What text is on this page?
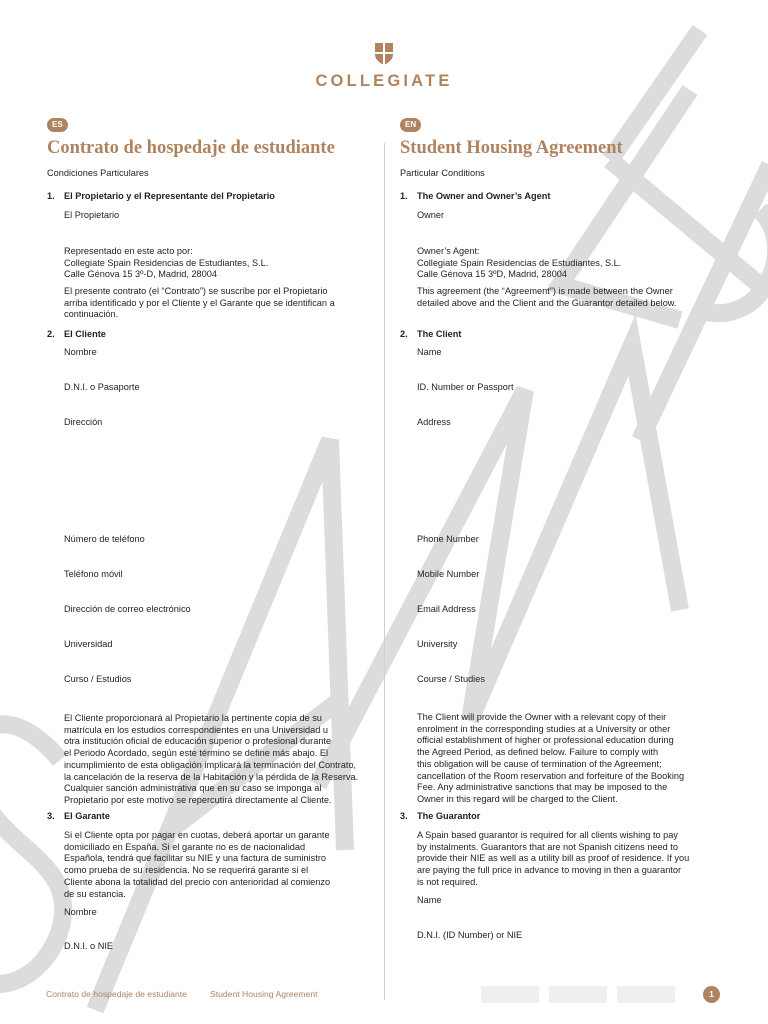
COLLEGIATE
ES
Contrato de hospedaje de estudiante
Condiciones Particulares
1. El Propietario y el Representante del Propietario
El Propietario
Representado en este acto por:
Collegiate Spain Residencias de Estudiantes, S.L.
Calle Génova 15 3º-D, Madrid, 28004
El presente contrato (el “Contrato”) se suscribe por el Propietario
arriba identificado y por el Cliente y el Garante que se identifican a
continuación.
2. El Cliente
Nombre
D.N.I. o Pasaporte
Dirección
Número de teléfono
Teléfono móvil
Dirección de correo electrónico
Universidad
Curso / Estudios
El Cliente proporcionará al Propietario la pertinente copia de su
matrícula en los estudios correspondientes en una Universidad u
otra institución oficial de educación superior o profesional durante
el Periodo Acordado, según este término se define más abajo. El
incumplimiento de esta obligación implicará la terminación del Contrato,
la cancelación de la reserva de la Habitación y la pérdida de la Reserva.
Cualquier sanción administrativa que en su caso se imponga al
Propietario por este motivo se repercutirá directamente al Cliente.
3. El Garante
Si el Cliente opta por pagar en cuotas, deberá aportar un garante
domiciliado en España. Si el garante no es de nacionalidad
Española, tendrá que facilitar su NIE y una factura de suministro
como prueba de su residencia. No se requerirá garante si el
Cliente abona la totalidad del precio con anterioridad al comienzo
de su estancia.
Nombre
D.N.I. o NIE
EN
Student Housing Agreement
Particular Conditions
1. The Owner and Owner’s Agent
Owner
Owner’s Agent:
Collegiate Spain Residencias de Estudiantes, S.L.
Calle Génova 15 3ºD, Madrid, 28004
This agreement (the “Agreement”) is made between the Owner
detailed above and the Client and the Guarantor detailed below.
2. The Client
Name
ID. Number or Passport
Address
Phone Number
Mobile Number
Email Address
University
Course / Studies
The Client will provide the Owner with a relevant copy of their
enrolment in the corresponding studies at a University or other
official establishment of higher or professional education during
the Agreed Period, as defined below. Failure to comply with
this obligation will be cause of termination of the Agreement;
cancellation of the Room reservation and forfeiture of the Booking
Fee. Any administrative sanctions that may be imposed to the
Owner in this regard will be charged to the Client.
3. The Guarantor
A Spain based guarantor is required for all clients wishing to pay
by instalments. Guarantors that are not Spanish citizens need to
provide their NIE as well as a utility bill as proof of residence. If you
are paying the full price in advance to moving in then a guarantor
is not required.
Name
D.N.I. (ID Number) or NIE
Contrato de hospedaje de estudiante	Student Housing Agreement	1
